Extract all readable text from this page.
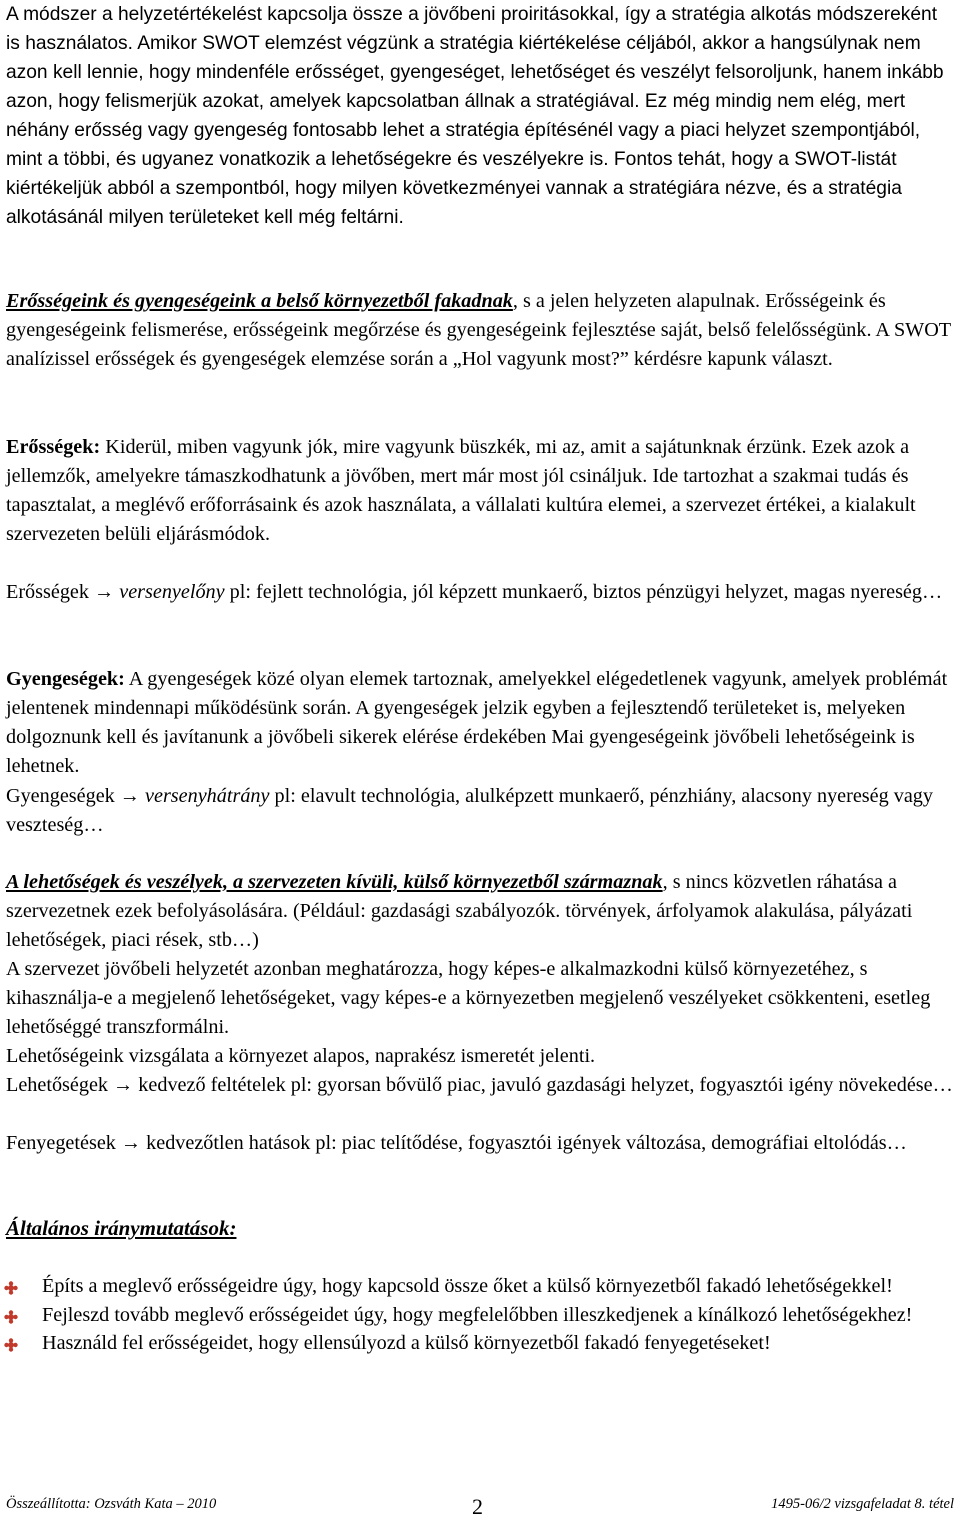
A módszer a helyzetértékelést kapcsolja össze a jövőbeni proiritásokkal, így a stratégia alkotás módszereként is használatos. Amikor SWOT elemzést végzünk a stratégia kiértékelése céljából, akkor a hangsúlynak nem azon kell lennie, hogy mindenféle erősséget, gyengeséget, lehetőséget és veszélyt felsoroljunk, hanem inkább azon, hogy felismerjük azokat, amelyek kapcsolatban állnak a stratégiával. Ez még mindig nem elég, mert néhány erősség vagy gyengeség fontosabb lehet a stratégia építésénél vagy a piaci helyzet szempontjából, mint a többi, és ugyanez vonatkozik a lehetőségekre és veszélyekre is. Fontos tehát, hogy a SWOT-listát kiértékeljük abból a szempontból, hogy milyen következményei vannak a stratégiára nézve, és a stratégia alkotásánál milyen területeket kell még feltárni.

Erősségeink és gyengeségeink a belső környezetből fakadnak, s a jelen helyzeten alapulnak. Erősségeink és gyengeségeink felismerése, erősségeink megőrzése és gyengeségeink fejlesztése saját, belső felelősségünk. A SWOT analízissel erősségek és gyengeségek elemzése során a „Hol vagyunk most?” kérdésre kapunk választ.

Erősségek: Kiderül, miben vagyunk jók, mire vagyunk büszkék, mi az, amit a sajátunknak érzünk. Ezek azok a jellemzők, amelyekre támaszkodhatunk a jövőben, mert már most jól csináljuk. Ide tartozhat a szakmai tudás és tapasztalat, a meglévő erőforrásaink és azok használata, a vállalati kultúra elemei, a szervezet értékei, a kialakult szervezeten belüli eljárásmódok.

Erősségek → versenyelőny pl: fejlett technológia, jól képzett munkaerő, biztos pénzügyi helyzet, magas nyereség…

Gyengeségek: A gyengeségek közé olyan elemek tartoznak, amelyekkel elégedetlenek vagyunk, amelyek problémát jelentenek mindennapi működésünk során. A gyengeségek jelzik egyben a fejlesztendő területeket is, melyeken dolgoznunk kell és javítanunk a jövőbeli sikerek elérése érdekében Mai gyengeségeink jövőbeli lehetőségeink is lehetnek.

Gyengeségek → versenyhátrány pl: elavult technológia, alulképzett munkaerő, pénzhiány, alacsony nyereség vagy veszteség…

A lehetőségek és veszélyek, a szervezeten kívüli, külső környezetből származnak, s nincs közvetlen ráhatása a szervezetnek ezek befolyásolására. (Például: gazdasági szabályozók. törvények, árfolyamok alakulása, pályázati lehetőségek, piaci rések, stb…)

A szervezet jövőbeli helyzetét azonban meghatározza, hogy képes-e alkalmazkodni külső környezetéhez, s kihasználja-e a megjelenő lehetőségeket, vagy képes-e a környezetben megjelenő veszélyeket csökkenteni, esetleg lehetőséggé transzformálni.

Lehetőségeink vizsgálata a környezet alapos, naprakész ismeretét jelenti.

Lehetőségek → kedvező feltételek pl: gyorsan bővülő piac, javuló gazdasági helyzet, fogyasztói igény növekedése…

Fenyegetések → kedvezőtlen hatások pl: piac telítődése, fogyasztói igények változása, demográfiai eltolódás…

Általános iránymutatások:
Építs a meglevő erősségeidre úgy, hogy kapcsold össze őket a külső környezetből fakadó lehetőségekkel!
Fejleszd tovább meglevő erősségeidet úgy, hogy megfelelőbben illeszkedjenek a kínálkozó lehetőségekhez!
Használd fel erősségeidet, hogy ellensúlyozd a külső környezetből fakadó fenyegetéseket!
Összeállította: Ozsváth Kata – 2010	2	1495-06/2 vizsgafeladat 8. tétel
